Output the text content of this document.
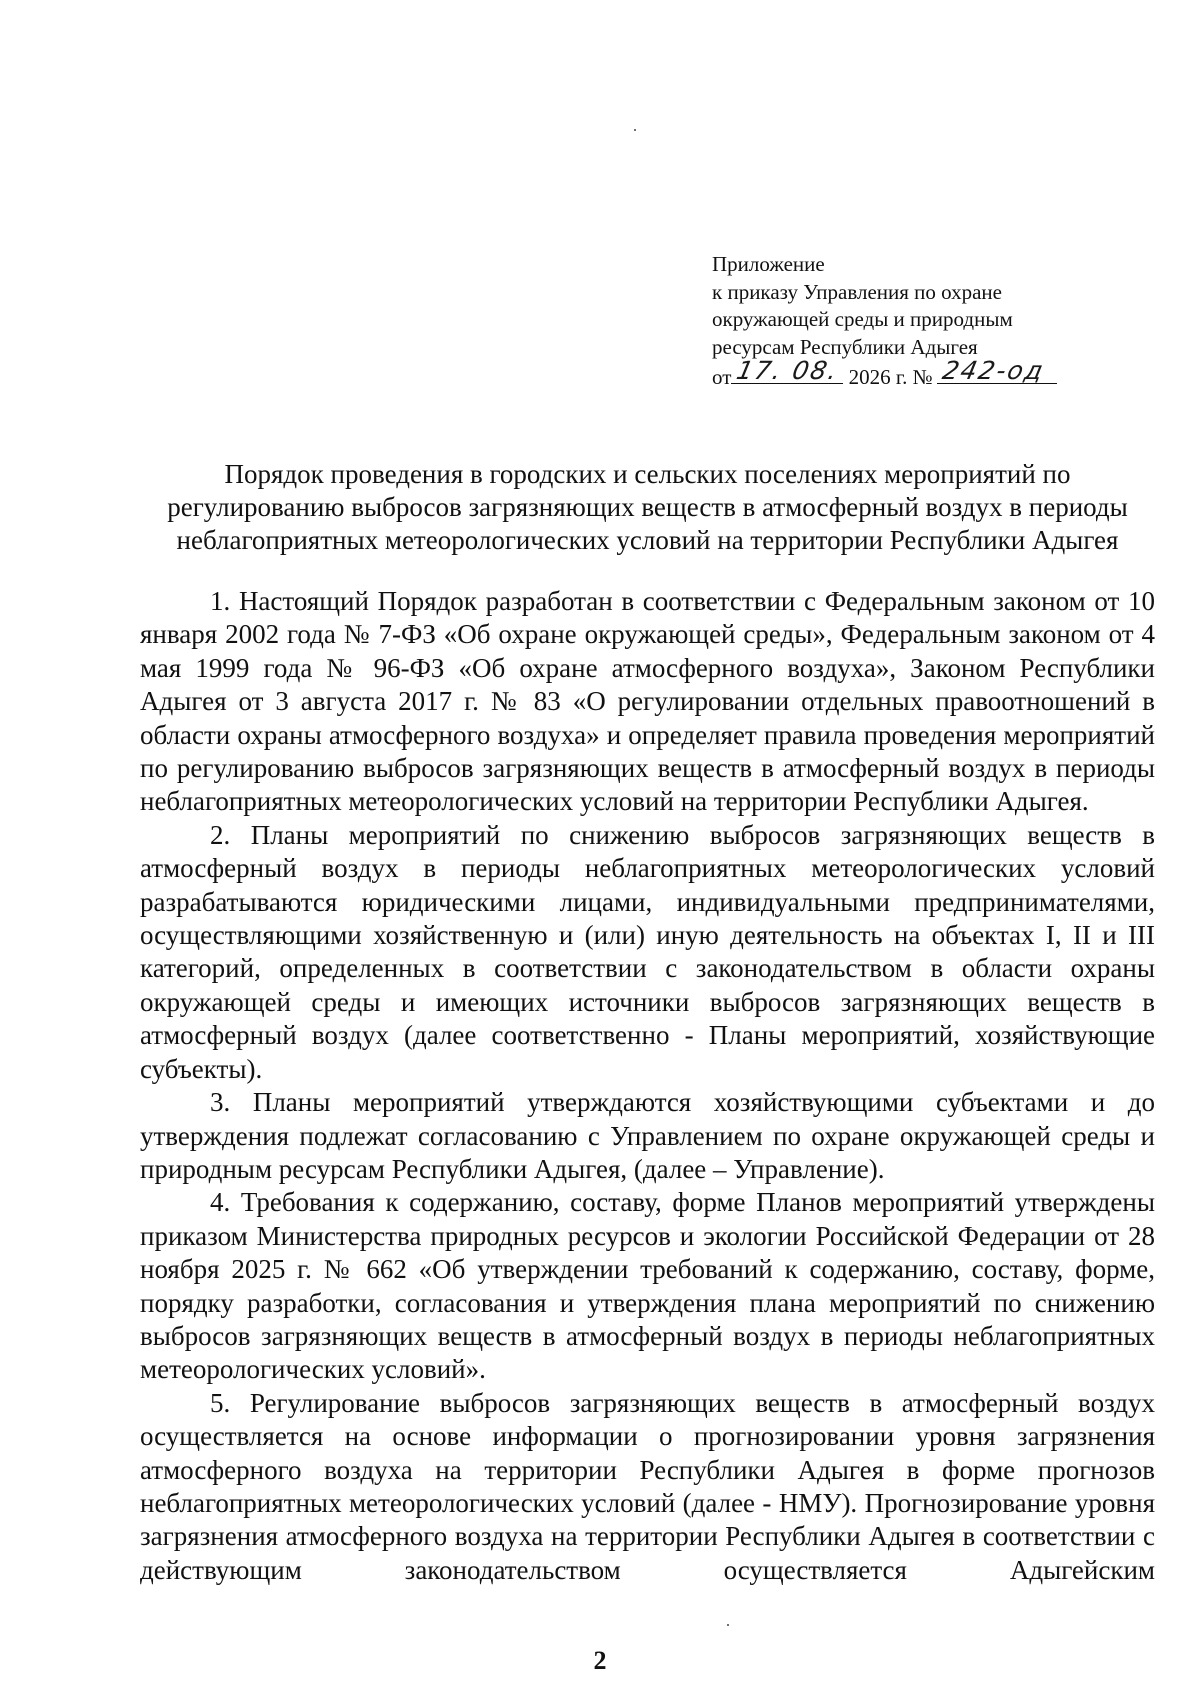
Приложение
к приказу Управления по охране
окружающей среды и природным
ресурсам Республики Адыгея
от 17. 08. 2026 г. № 242-од
Порядок проведения в городских и сельских поселениях мероприятий по регулированию выбросов загрязняющих веществ в атмосферный воздух в периоды неблагоприятных метеорологических условий на территории Республики Адыгея

1. Настоящий Порядок разработан в соответствии с Федеральным законом от 10 января 2002 года № 7-ФЗ «Об охране окружающей среды», Федеральным законом от 4 мая 1999 года № 96-ФЗ «Об охране атмосферного воздуха», Законом Республики Адыгея от 3 августа 2017 г. № 83 «О регулировании отдельных правоотношений в области охраны атмосферного воздуха» и определяет правила проведения мероприятий по регулированию выбросов загрязняющих веществ в атмосферный воздух в периоды неблагоприятных метеорологических условий на территории Республики Адыгея.

2. Планы мероприятий по снижению выбросов загрязняющих веществ в атмосферный воздух в периоды неблагоприятных метеорологических условий разрабатываются юридическими лицами, индивидуальными предпринимателями, осуществляющими хозяйственную и (или) иную деятельность на объектах I, II и III категорий, определенных в соответствии с законодательством в области охраны окружающей среды и имеющих источники выбросов загрязняющих веществ в атмосферный воздух (далее соответственно - Планы мероприятий, хозяйствующие субъекты).

3. Планы мероприятий утверждаются хозяйствующими субъектами и до утверждения подлежат согласованию с Управлением по охране окружающей среды и природным ресурсам Республики Адыгея, (далее – Управление).

4. Требования к содержанию, составу, форме Планов мероприятий утверждены приказом Министерства природных ресурсов и экологии Российской Федерации от 28 ноября 2025 г. № 662 «Об утверждении требований к содержанию, составу, форме, порядку разработки, согласования и утверждения плана мероприятий по снижению выбросов загрязняющих веществ в атмосферный воздух в периоды неблагоприятных метеорологических условий».

5. Регулирование выбросов загрязняющих веществ в атмосферный воздух осуществляется на основе информации о прогнозировании уровня загрязнения атмосферного воздуха на территории Республики Адыгея в форме прогнозов неблагоприятных метеорологических условий (далее - НМУ). Прогнозирование уровня загрязнения атмосферного воздуха на территории Республики Адыгея в соответствии с действующим законодательством осуществляется Адыгейским

2
